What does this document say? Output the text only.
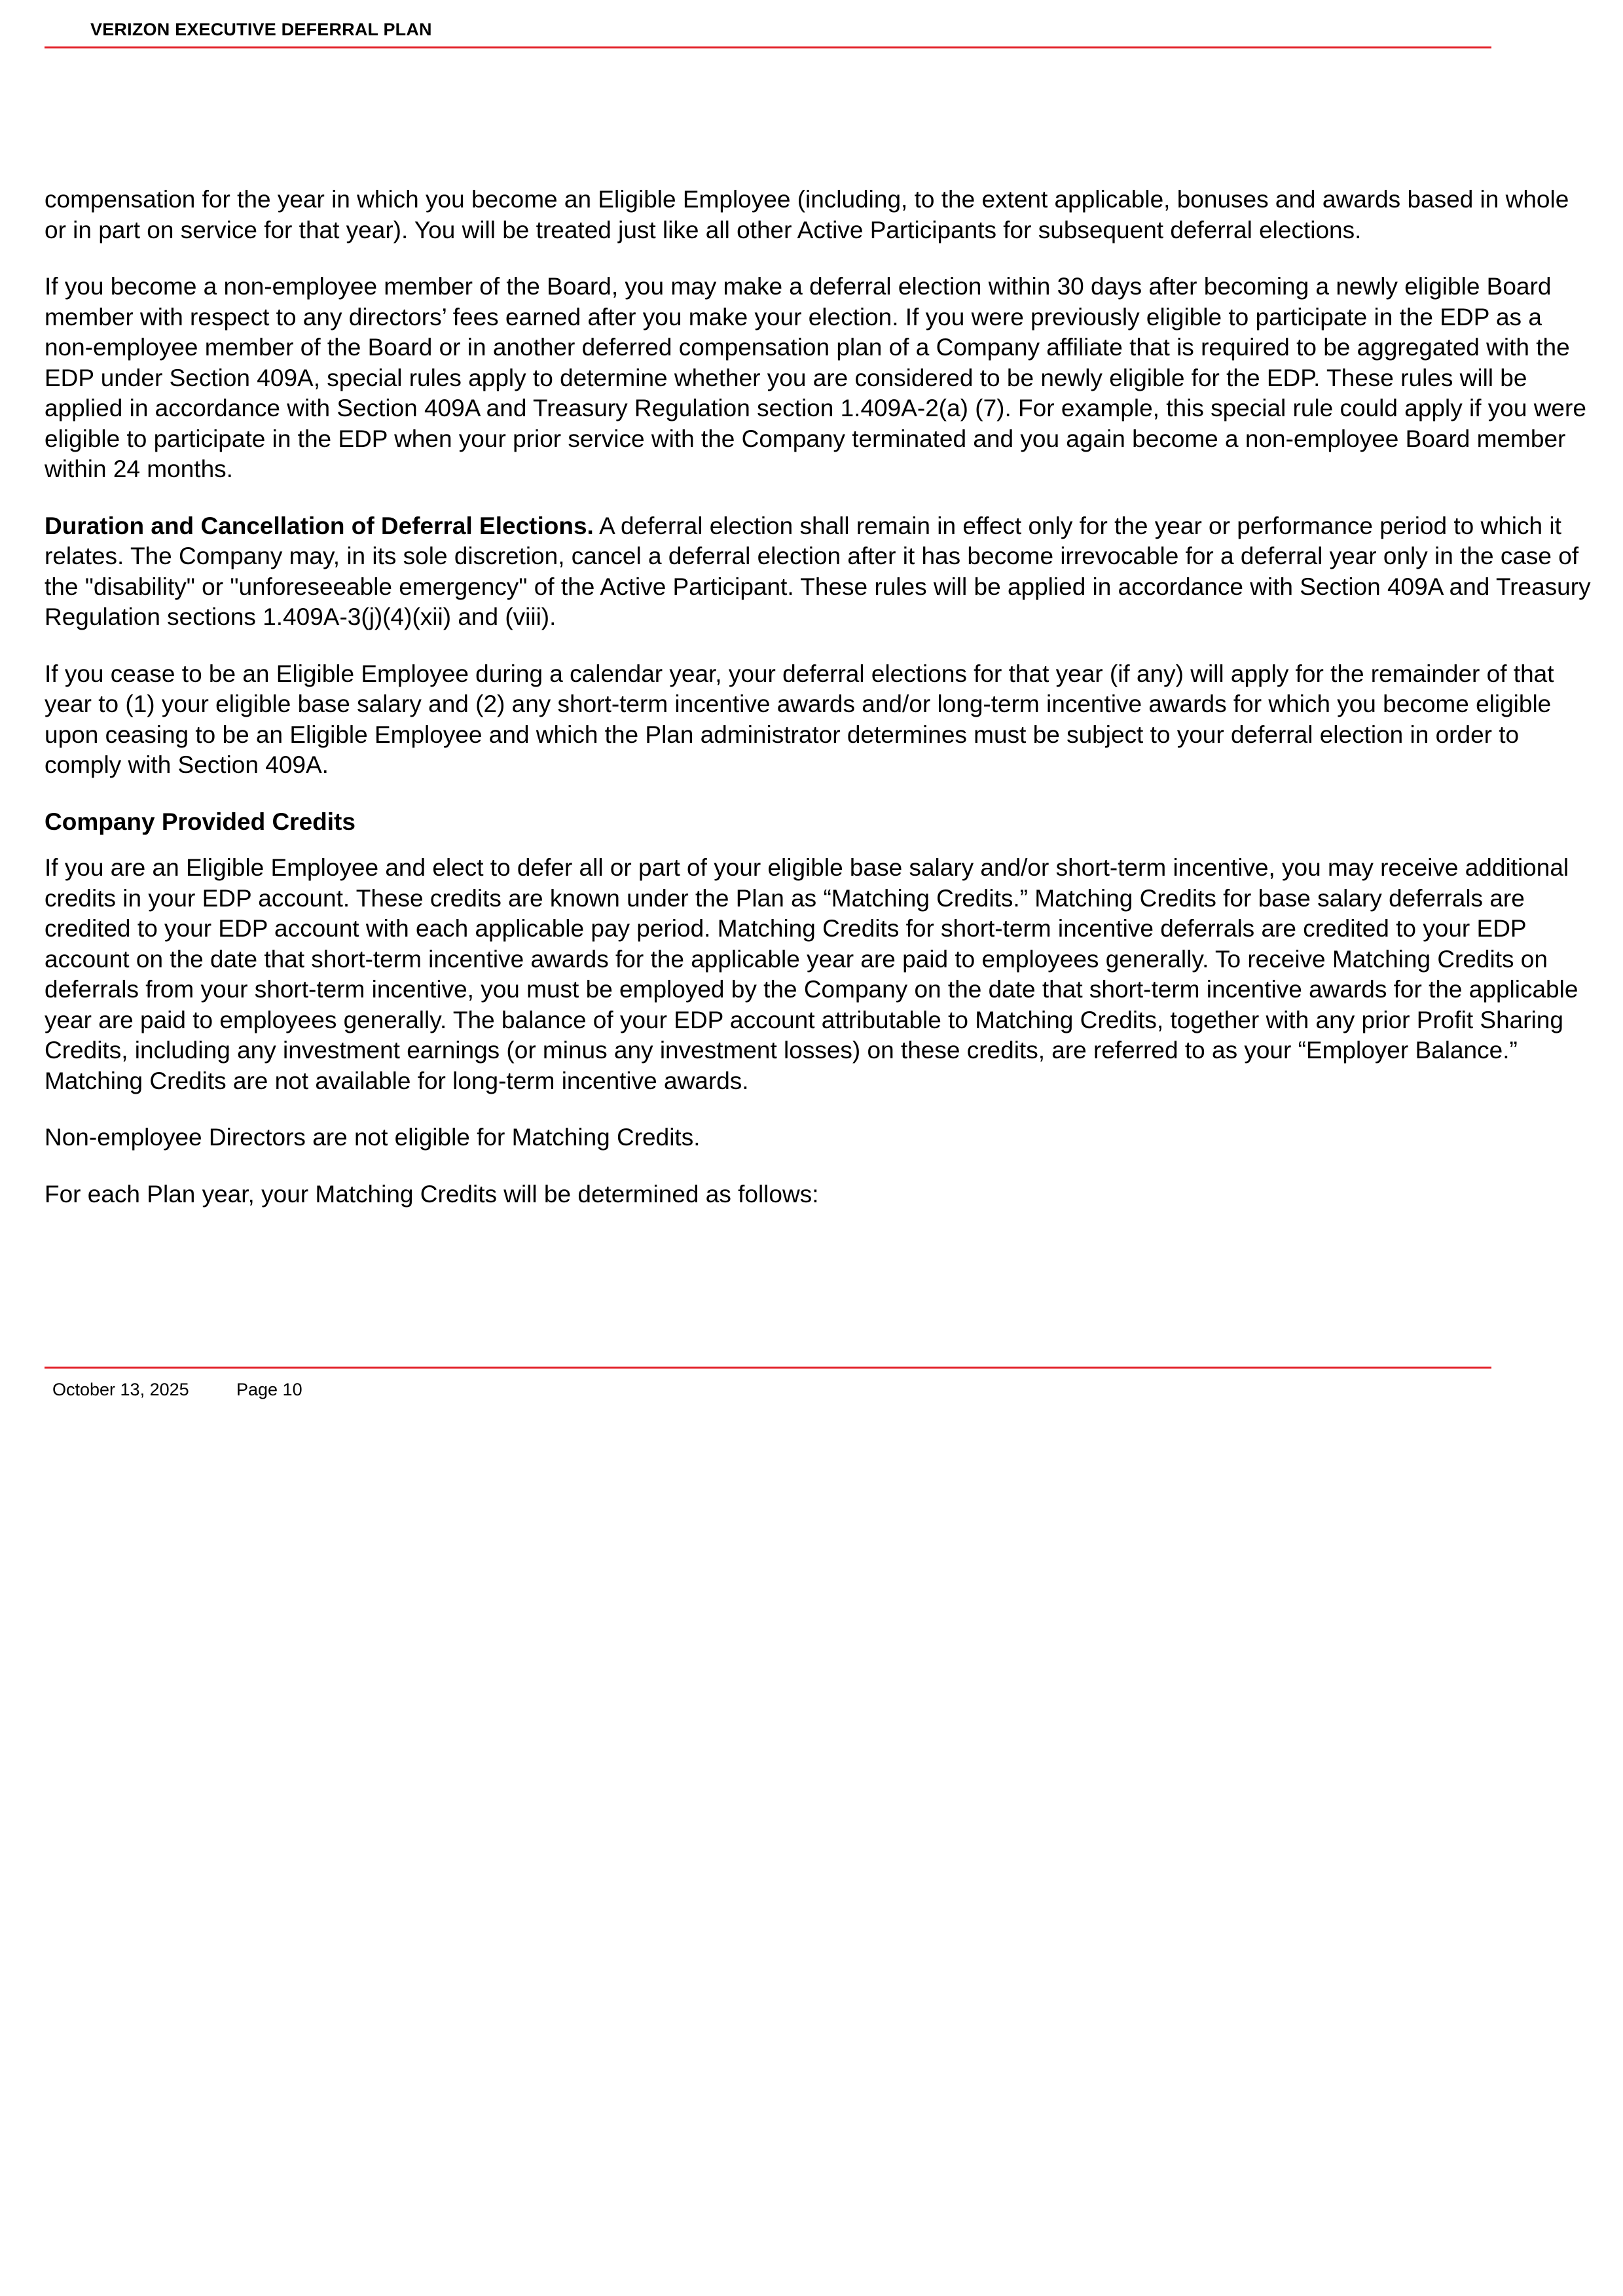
VERIZON EXECUTIVE DEFERRAL PLAN

compensation for the year in which you become an Eligible Employee (including, to the extent applicable, bonuses and awards based in whole or in part on service for that year). You will be treated just like all other Active Participants for subsequent deferral elections.

If you become a non-employee member of the Board, you may make a deferral election within 30 days after becoming a newly eligible Board member with respect to any directors’ fees earned after you make your election. If you were previously eligible to participate in the EDP as a non-employee member of the Board or in another deferred compensation plan of a Company affiliate that is required to be aggregated with the EDP under Section 409A, special rules apply to determine whether you are considered to be newly eligible for the EDP. These rules will be applied in accordance with Section 409A and Treasury Regulation section 1.409A-2(a) (7). For example, this special rule could apply if you were eligible to participate in the EDP when your prior service with the Company terminated and you again become a non-employee Board member within 24 months.

Duration and Cancellation of Deferral Elections. A deferral election shall remain in effect only for the year or performance period to which it relates. The Company may, in its sole discretion, cancel a deferral election after it has become irrevocable for a deferral year only in the case of the "disability" or "unforeseeable emergency" of the Active Participant. These rules will be applied in accordance with Section 409A and Treasury Regulation sections 1.409A-3(j)(4)(xii) and (viii).

If you cease to be an Eligible Employee during a calendar year, your deferral elections for that year (if any) will apply for the remainder of that year to (1) your eligible base salary and (2) any short-term incentive awards and/or long-term incentive awards for which you become eligible upon ceasing to be an Eligible Employee and which the Plan administrator determines must be subject to your deferral election in order to comply with Section 409A.

Company Provided Credits

If you are an Eligible Employee and elect to defer all or part of your eligible base salary and/or short-term incentive, you may receive additional credits in your EDP account. These credits are known under the Plan as “Matching Credits.” Matching Credits for base salary deferrals are credited to your EDP account with each applicable pay period. Matching Credits for short-term incentive deferrals are credited to your EDP account on the date that short-term incentive awards for the applicable year are paid to employees generally. To receive Matching Credits on deferrals from your short-term incentive, you must be employed by the Company on the date that short-term incentive awards for the applicable year are paid to employees generally. The balance of your EDP account attributable to Matching Credits, together with any prior Profit Sharing Credits, including any investment earnings (or minus any investment losses) on these credits, are referred to as your “Employer Balance.” Matching Credits are not available for long-term incentive awards.

Non-employee Directors are not eligible for Matching Credits.

For each Plan year, your Matching Credits will be determined as follows:

October 13, 2025	Page 10
